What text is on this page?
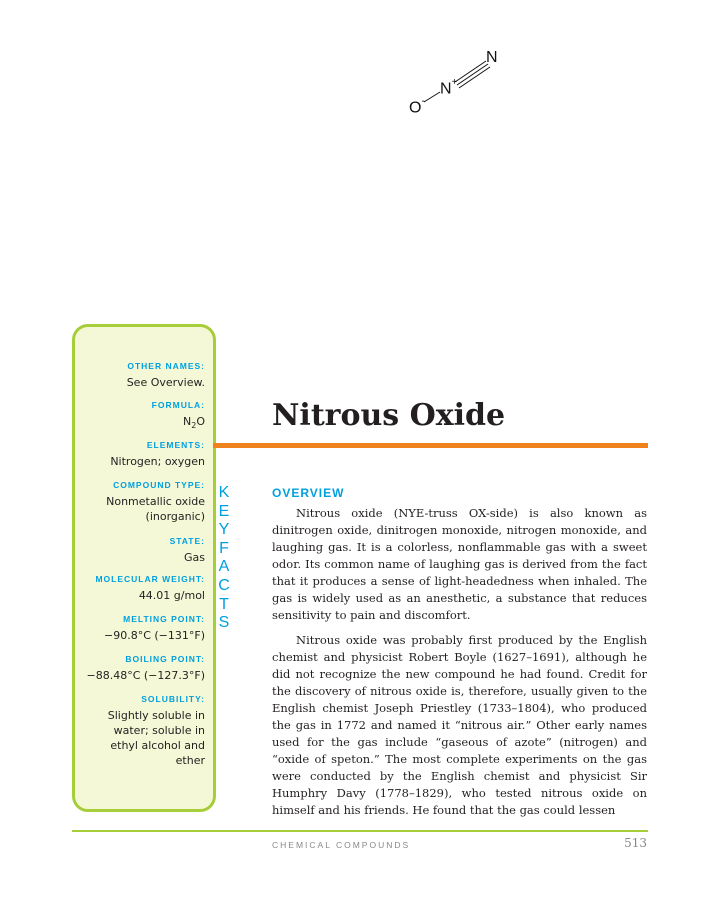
O-
N+
N
OTHER NAMES:
See Overview.
FORMULA:
$N_2O$
ELEMENTS:
Nitrogen; oxygen
COMPOUND TYPE:
Nonmetallic oxide
(inorganic)
STATE:
Gas
MOLECULAR WEIGHT:
44.01 g/mol
MELTING POINT:
−90.8°C (−131°F)
BOILING POINT:
−88.48°C (−127.3°F)
SOLUBILITY:
Slightly soluble in
water; soluble in
ethyl alcohol and
ether
K
E
Y
F
A
C
T
S
Nitrous Oxide
OVERVIEW

Nitrous oxide (NYE-truss OX-side) is also known as dinitrogen oxide, dinitrogen monoxide, nitrogen monoxide, and laughing gas. It is a colorless, nonflammable gas with a sweet odor. Its common name of laughing gas is derived from the fact that it produces a sense of light-headedness when inhaled. The gas is widely used as an anesthetic, a substance that reduces sensitivity to pain and discomfort.

Nitrous oxide was probably first produced by the English chemist and physicist Robert Boyle (1627–1691), although he did not recognize the new compound he had found. Credit for the discovery of nitrous oxide is, therefore, usually given to the English chemist Joseph Priestley (1733–1804), who produced the gas in 1772 and named it “nitrous air.” Other early names used for the gas include “gaseous of azote” (nitrogen) and “oxide of speton.” The most complete experiments on the gas were conducted by the English chemist and physicist Sir Humphry Davy (1778–1829), who tested nitrous oxide on himself and his friends. He found that the gas could lessen

CHEMICAL COMPOUNDS	513
